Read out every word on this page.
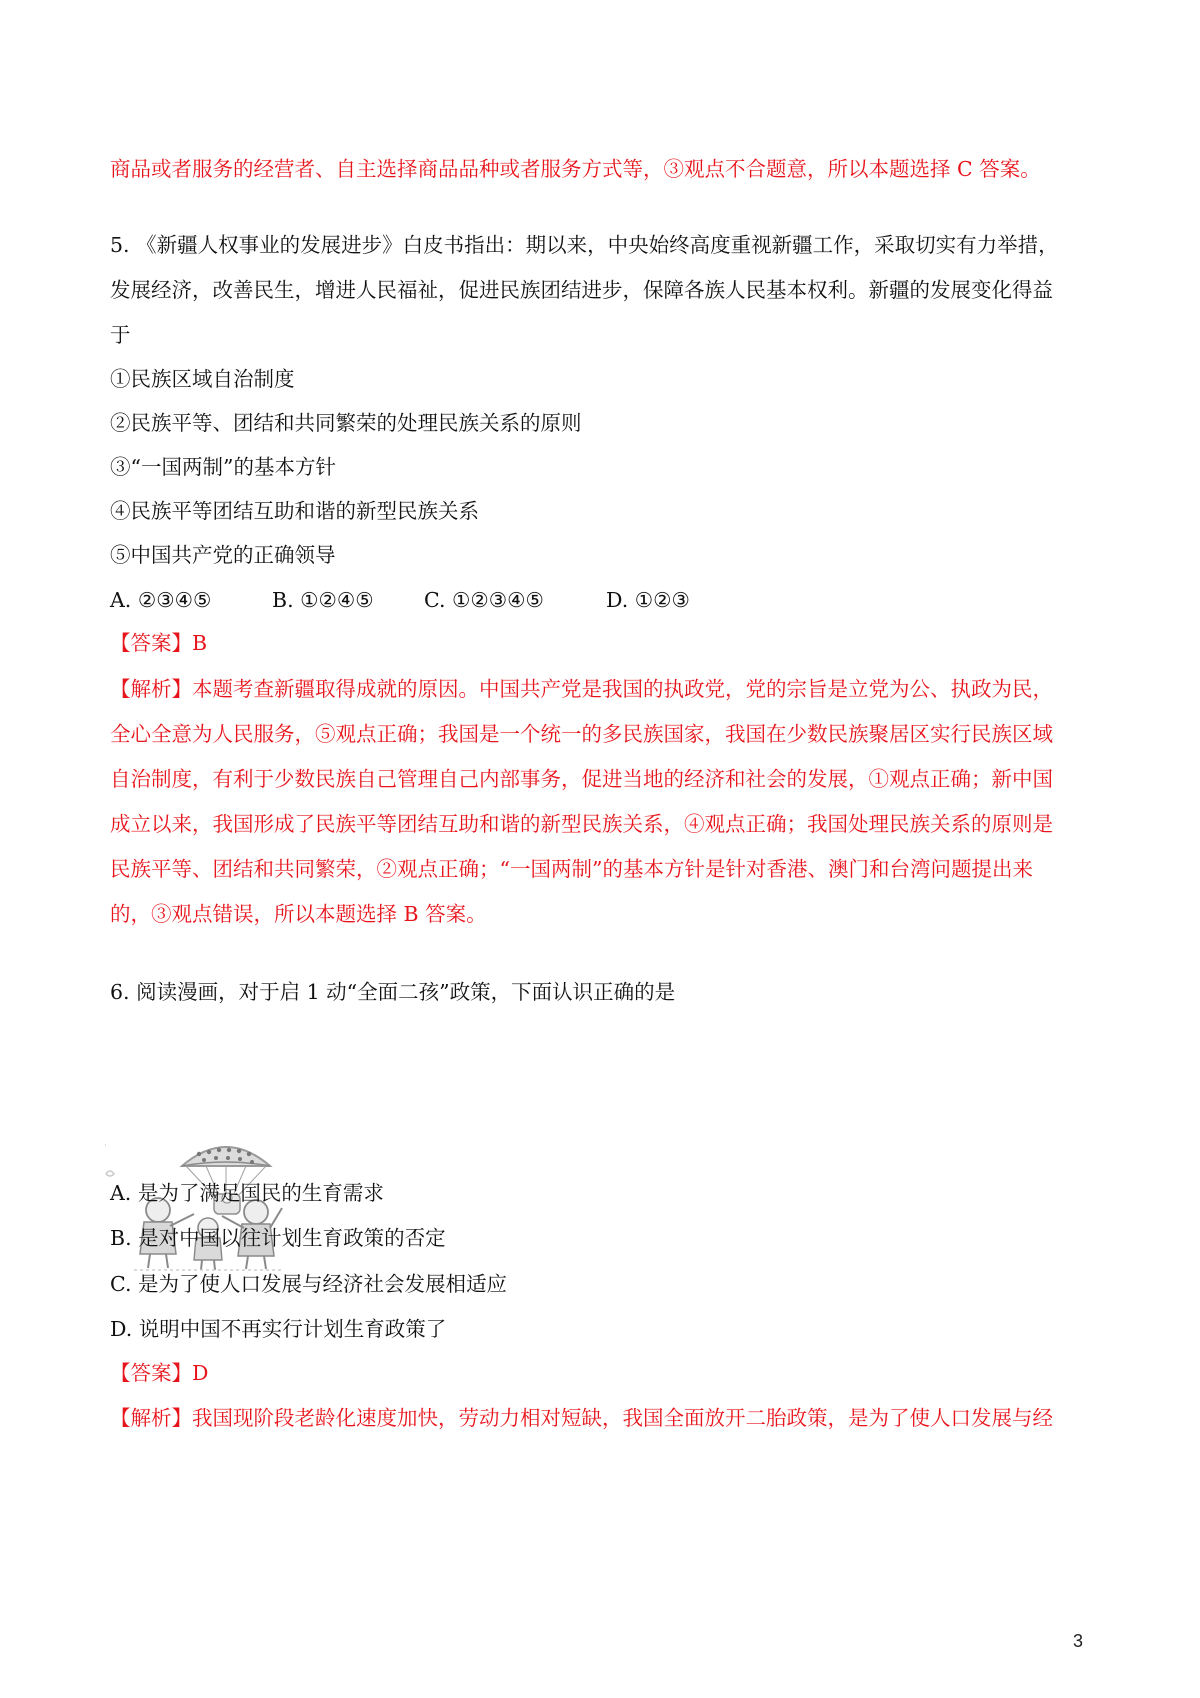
商品或者服务的经营者、自主选择商品品种或者服务方式等，③观点不合题意，所以本题选择 C 答案。
5. 《新疆人权事业的发展进步》白皮书指出：期以来，中央始终高度重视新疆工作，采取切实有力举措，
发展经济，改善民生，增进人民福祉，促进民族团结进步，保障各族人民基本权利。新疆的发展变化得益
于
①民族区域自治制度
②民族平等、团结和共同繁荣的处理民族关系的原则
③“一国两制”的基本方针
④民族平等团结互助和谐的新型民族关系
⑤中国共产党的正确领导
A. ②③④⑤	B. ①②④⑤ C. ①②③④⑤	D. ①②③
【答案】B
【解析】本题考查新疆取得成就的原因。中国共产党是我国的执政党，党的宗旨是立党为公、执政为民，
全心全意为人民服务，⑤观点正确；我国是一个统一的多民族国家，我国在少数民族聚居区实行民族区域
自治制度，有利于少数民族自己管理自己内部事务，促进当地的经济和社会的发展，①观点正确；新中国
成立以来，我国形成了民族平等团结互助和谐的新型民族关系，④观点正确；我国处理民族关系的原则是
民族平等、团结和共同繁荣，②观点正确；“一国两制”的基本方针是针对香港、澳门和台湾问题提出来
的，③观点错误，所以本题选择 B 答案。
6. 阅读漫画，对于启 1 动“全面二孩”政策，下面认识正确的是
·
A. 是为了满足国民的生育需求
B. 是对中国以往计划生育政策的否定
C. 是为了使人口发展与经济社会发展相适应
D. 说明中国不再实行计划生育政策了
【答案】D
【解析】我国现阶段老龄化速度加快，劳动力相对短缺，我国全面放开二胎政策，是为了使人口发展与经
3
